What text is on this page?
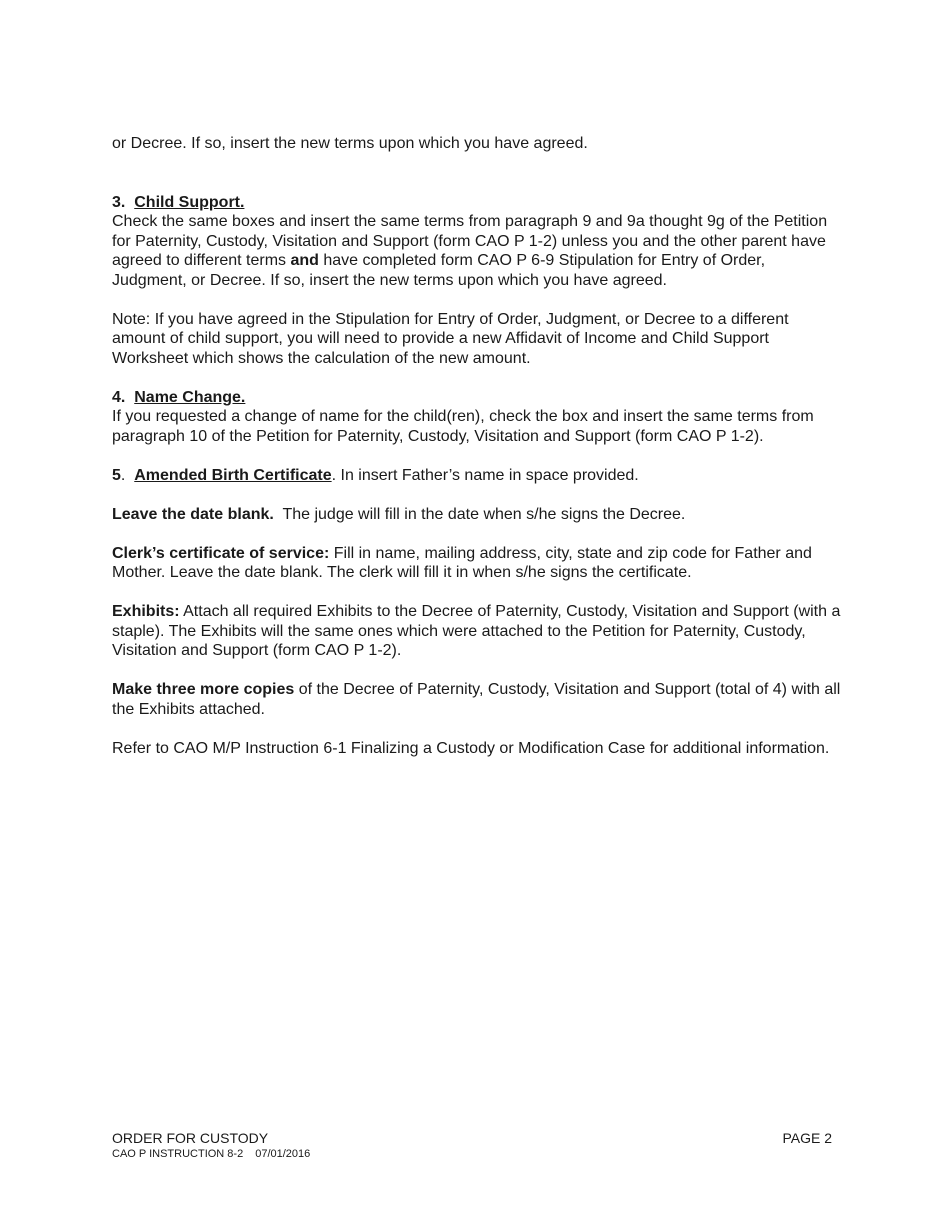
or Decree. If so, insert the new terms upon which you have agreed.

3. Child Support.

Check the same boxes and insert the same terms from paragraph 9 and 9a thought 9g of the Petition for Paternity, Custody, Visitation and Support (form CAO P 1-2) unless you and the other parent have agreed to different terms and have completed form CAO P 6-9 Stipulation for Entry of Order, Judgment, or Decree. If so, insert the new terms upon which you have agreed.

Note: If you have agreed in the Stipulation for Entry of Order, Judgment, or Decree to a different amount of child support, you will need to provide a new Affidavit of Income and Child Support Worksheet which shows the calculation of the new amount.

4. Name Change.

If you requested a change of name for the child(ren), check the box and insert the same terms from paragraph 10 of the Petition for Paternity, Custody, Visitation and Support (form CAO P 1-2).

5. Amended Birth Certificate. In insert Father’s name in space provided.

Leave the date blank.  The judge will fill in the date when s/he signs the Decree.

Clerk’s certificate of service: Fill in name, mailing address, city, state and zip code for Father and Mother. Leave the date blank. The clerk will fill it in when s/he signs the certificate.

Exhibits: Attach all required Exhibits to the Decree of Paternity, Custody, Visitation and Support (with a staple). The Exhibits will the same ones which were attached to the Petition for Paternity, Custody, Visitation and Support (form CAO P 1-2).

Make three more copies of the Decree of Paternity, Custody, Visitation and Support (total of 4) with all the Exhibits attached.

Refer to CAO M/P Instruction 6-1 Finalizing a Custody or Modification Case for additional information.

ORDER FOR CUSTODY	PAGE 2
CAO P INSTRUCTION 8-2 07/01/2016
